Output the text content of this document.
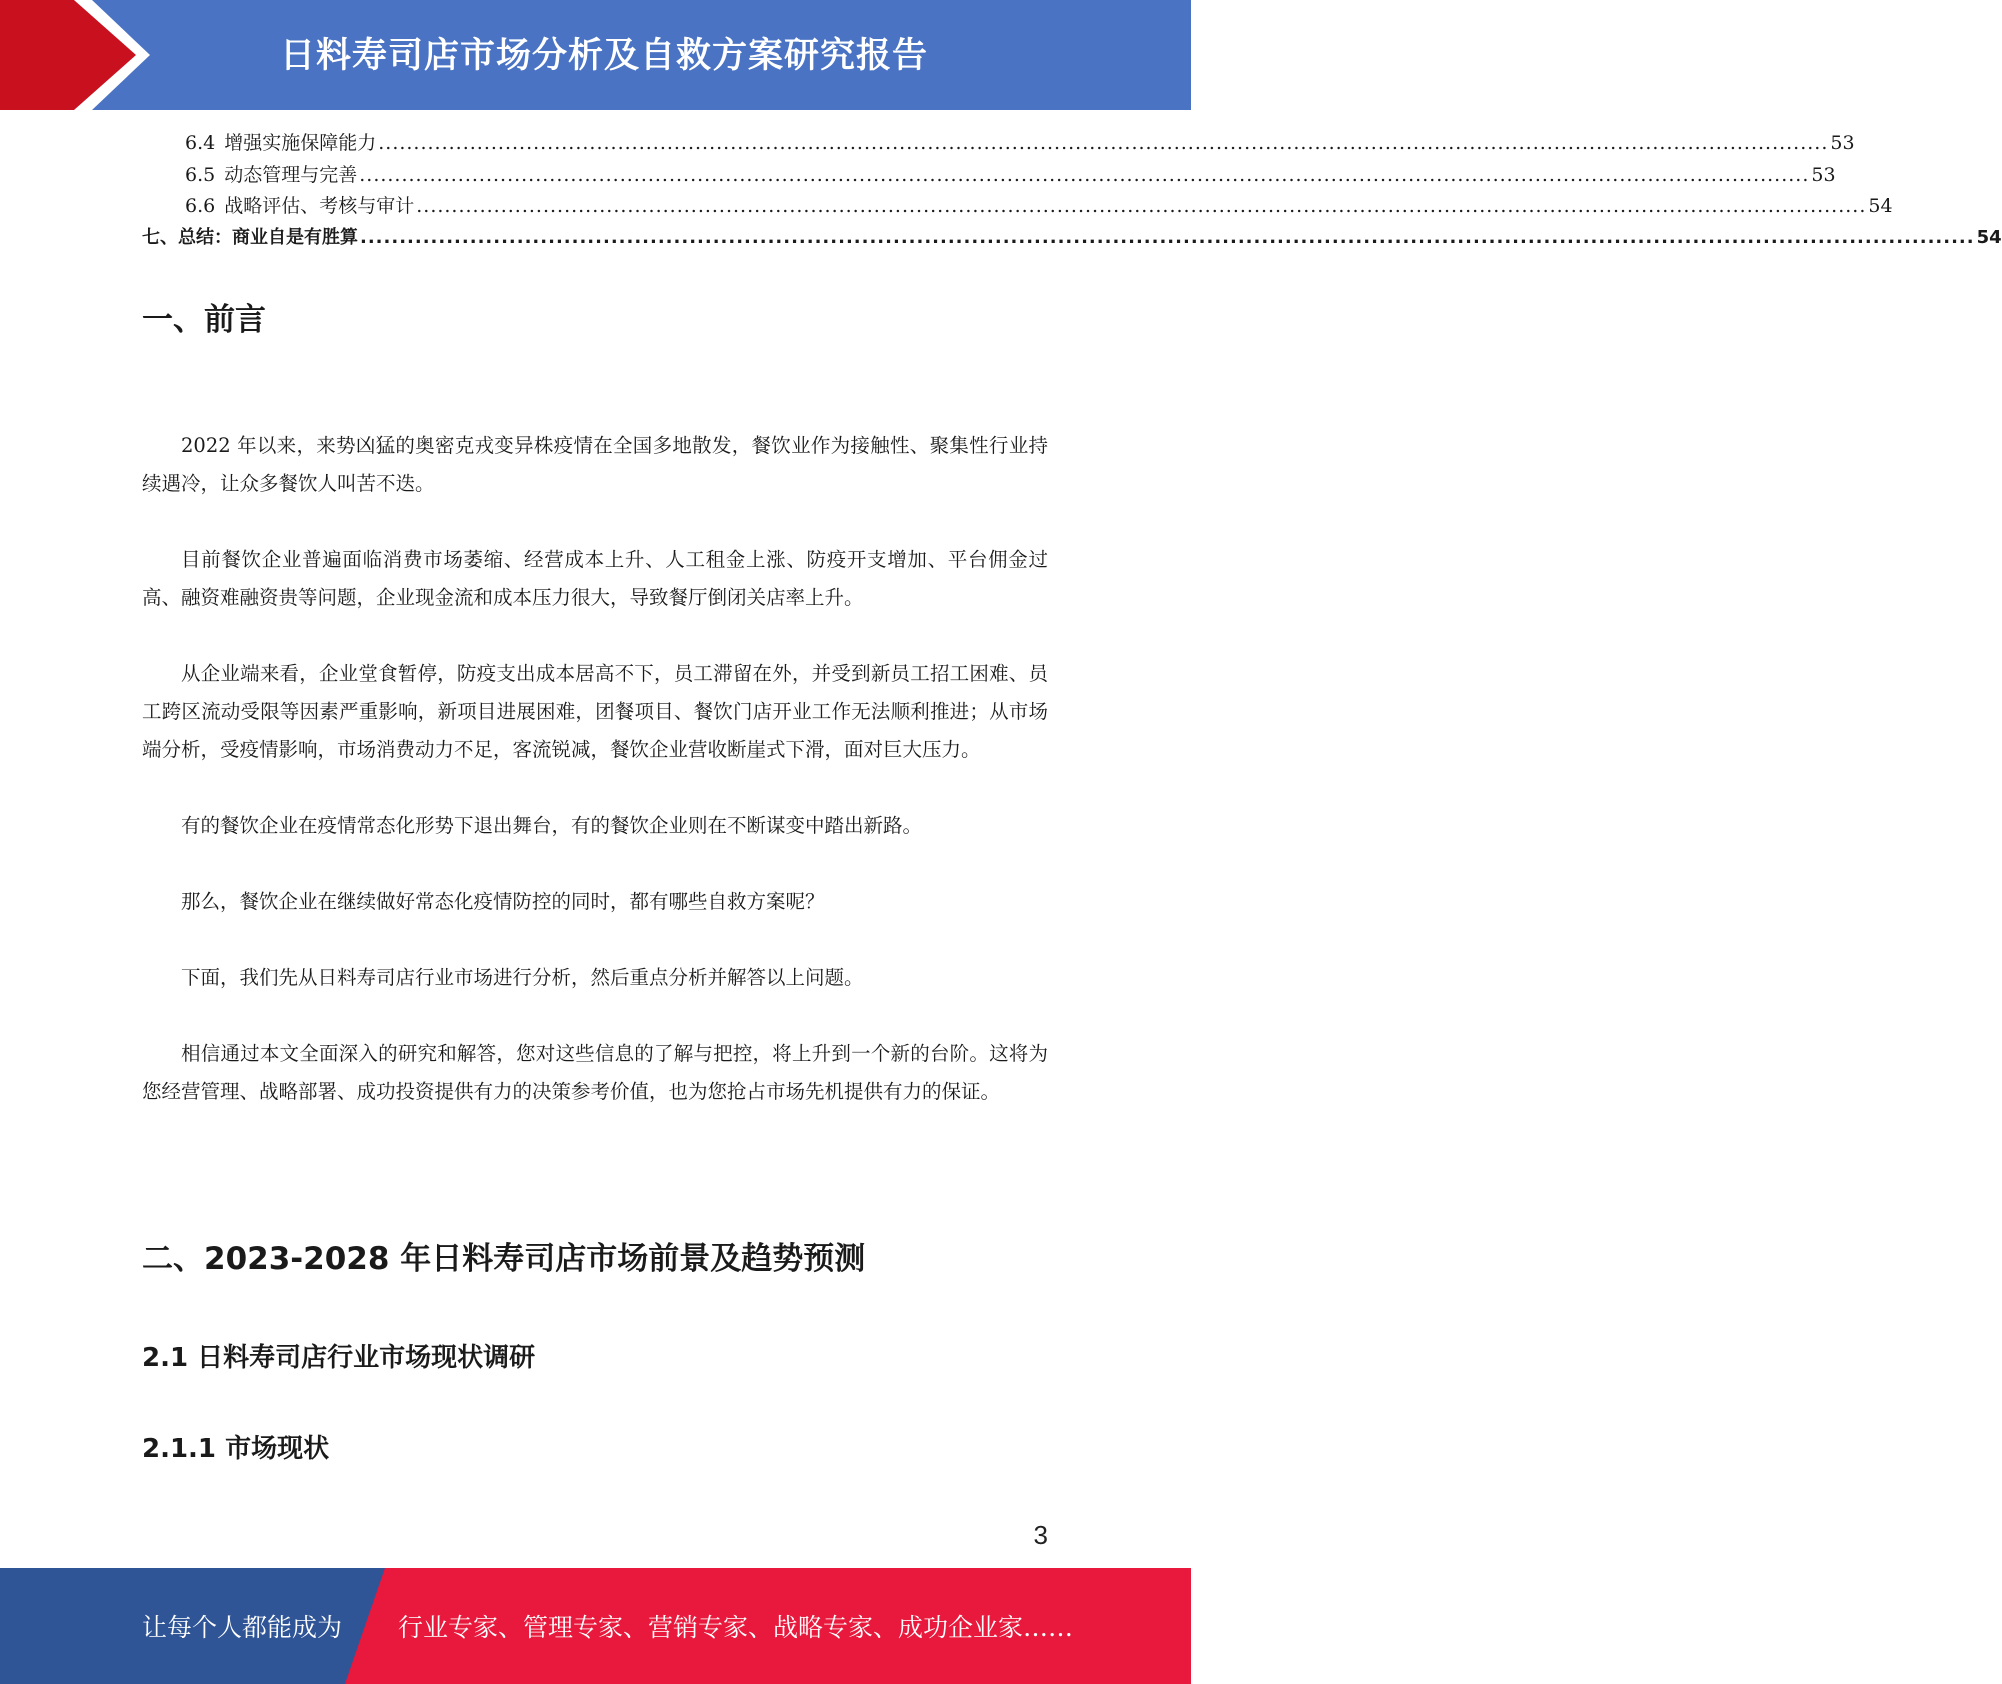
日料寿司店市场分析及自救方案研究报告
6.4 增强实施保障能力 .............................................................................................................................................................................................................. 53
6.5 动态管理与完善 .............................................................................................................................................................................................................. 53
6.6 战略评估、考核与审计 .............................................................................................................................................................................................................. 54
七、总结：商业自是有胜算 .............................................................................................................................................................................................................. 54
一、前言

2022 年以来，来势凶猛的奥密克戎变异株疫情在全国多地散发，餐饮业作为接触性、聚集性行业持续遇冷，让众多餐饮人叫苦不迭。

目前餐饮企业普遍面临消费市场萎缩、经营成本上升、人工租金上涨、防疫开支增加、平台佣金过高、融资难融资贵等问题，企业现金流和成本压力很大，导致餐厅倒闭关店率上升。

从企业端来看，企业堂食暂停，防疫支出成本居高不下，员工滞留在外，并受到新员工招工困难、员工跨区流动受限等因素严重影响，新项目进展困难，团餐项目、餐饮门店开业工作无法顺利推进；从市场端分析，受疫情影响，市场消费动力不足，客流锐减，餐饮企业营收断崖式下滑，面对巨大压力。

有的餐饮企业在疫情常态化形势下退出舞台，有的餐饮企业则在不断谋变中踏出新路。

那么，餐饮企业在继续做好常态化疫情防控的同时，都有哪些自救方案呢？

下面，我们先从日料寿司店行业市场进行分析，然后重点分析并解答以上问题。

相信通过本文全面深入的研究和解答，您对这些信息的了解与把控，将上升到一个新的台阶。这将为您经营管理、战略部署、成功投资提供有力的决策参考价值，也为您抢占市场先机提供有力的保证。

二、2023-2028 年日料寿司店市场前景及趋势预测
2.1 日料寿司店行业市场现状调研
2.1.1 市场现状
3
让每个人都能成为 行业专家、管理专家、营销专家、战略专家、成功企业家……
